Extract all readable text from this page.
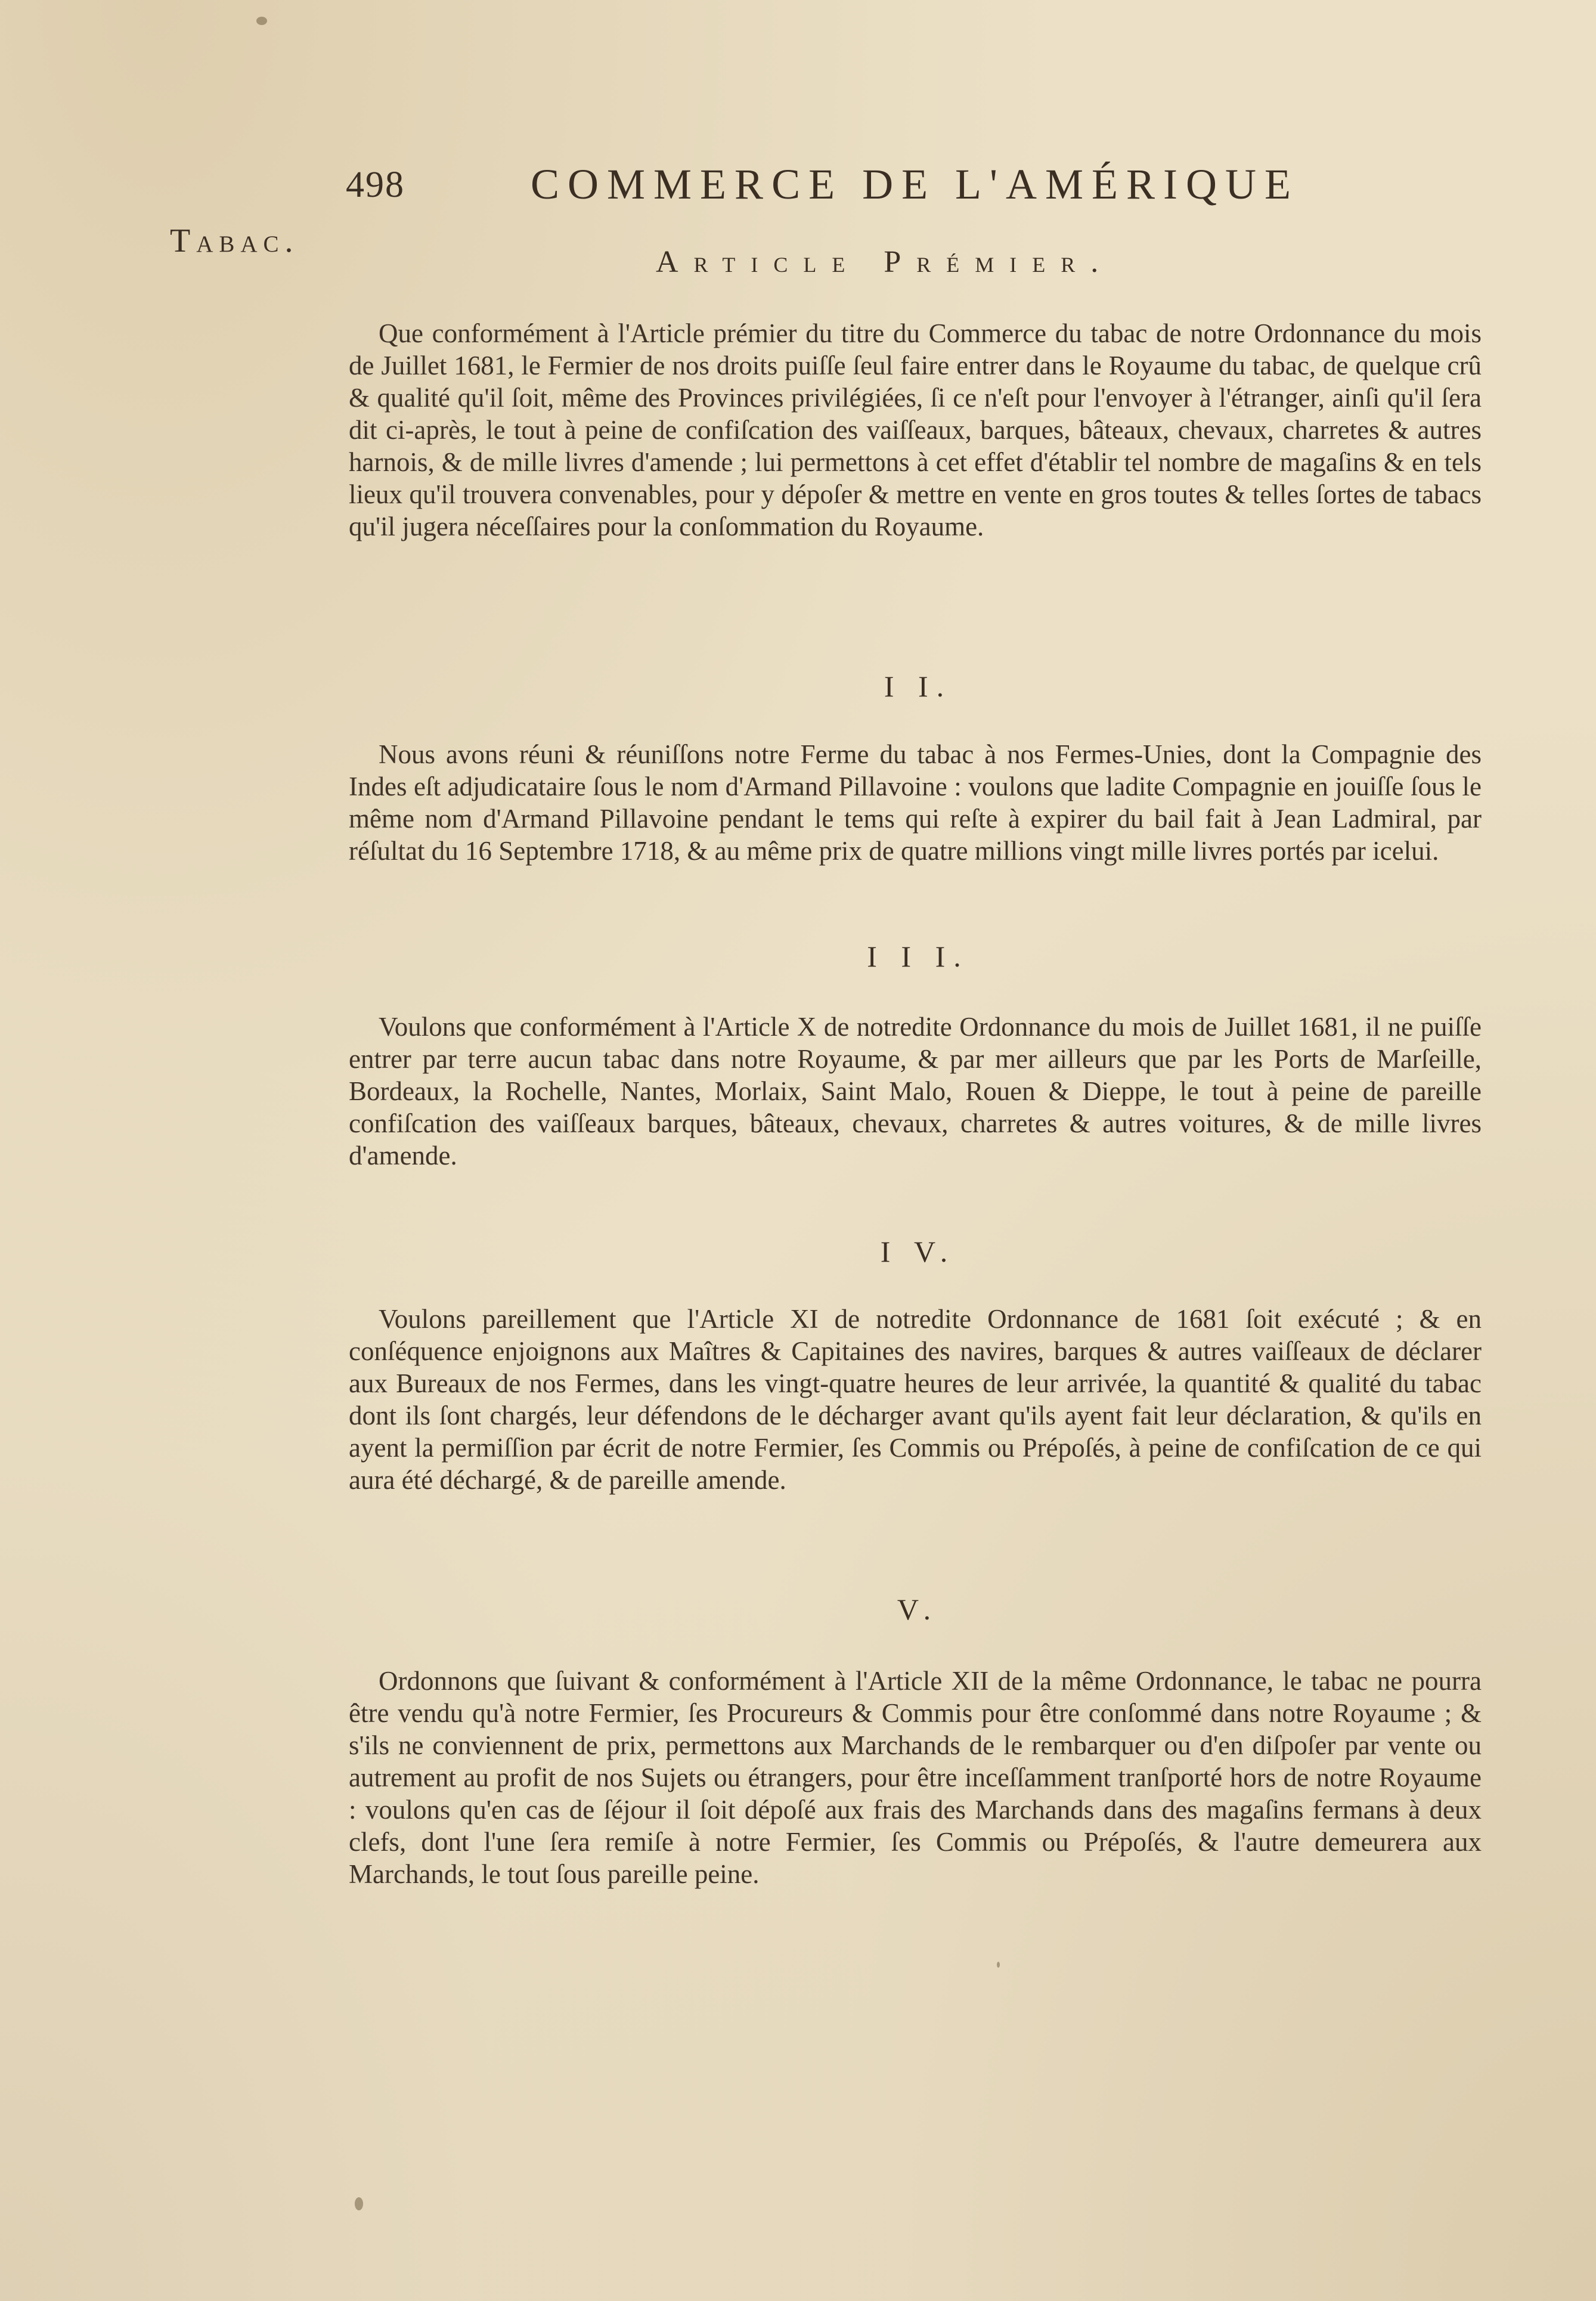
498	COMMERCE DE L'AMÉRIQUE
Tabac.
Article Prémier.
Que conformément à l'Article prémier du titre du Commerce du tabac de notre Ordonnance du mois de Juillet 1681, le Fermier de nos droits puiſſe ſeul faire entrer dans le Royaume du tabac, de quelque crû & qualité qu'il ſoit, même des Provinces privilégiées, ſi ce n'eſt pour l'envoyer à l'étranger, ainſi qu'il ſera dit ci-après, le tout à peine de confiſcation des vaiſſeaux, barques, bâteaux, chevaux, charretes & autres harnois, & de mille livres d'amende ; lui permettons à cet effet d'établir tel nombre de magaſins & en tels lieux qu'il trouvera convenables, pour y dépoſer & mettre en vente en gros toutes & telles ſortes de tabacs qu'il jugera néceſſaires pour la conſommation du Royaume.
I I.
Nous avons réuni & réuniſſons notre Ferme du tabac à nos Fermes-Unies, dont la Compagnie des Indes eſt adjudicataire ſous le nom d'Armand Pillavoine : voulons que ladite Compagnie en jouiſſe ſous le même nom d'Armand Pillavoine pendant le tems qui reſte à expirer du bail fait à Jean Ladmiral, par réſultat du 16 Septembre 1718, & au même prix de quatre millions vingt mille livres portés par icelui.
I I I.
Voulons que conformément à l'Article X de notredite Ordonnance du mois de Juillet 1681, il ne puiſſe entrer par terre aucun tabac dans notre Royaume, & par mer ailleurs que par les Ports de Marſeille, Bordeaux, la Rochelle, Nantes, Morlaix, Saint Malo, Rouen & Dieppe, le tout à peine de pareille confiſcation des vaiſſeaux barques, bâteaux, chevaux, charretes & autres voitures, & de mille livres d'amende.
I V.
Voulons pareillement que l'Article XI de notredite Ordonnance de 1681 ſoit exécuté ; & en conſéquence enjoignons aux Maîtres & Capitaines des navires, barques & autres vaiſſeaux de déclarer aux Bureaux de nos Fermes, dans les vingt-quatre heures de leur arrivée, la quantité & qualité du tabac dont ils ſont chargés, leur défendons de le décharger avant qu'ils ayent fait leur déclaration, & qu'ils en ayent la permiſſion par écrit de notre Fermier, ſes Commis ou Prépoſés, à peine de confiſcation de ce qui aura été déchargé, & de pareille amende.
V.
Ordonnons que ſuivant & conformément à l'Article XII de la même Ordonnance, le tabac ne pourra être vendu qu'à notre Fermier, ſes Procureurs & Commis pour être conſommé dans notre Royaume ; & s'ils ne conviennent de prix, permettons aux Marchands de le rembarquer ou d'en diſpoſer par vente ou autrement au profit de nos Sujets ou étrangers, pour être inceſſamment tranſporté hors de notre Royaume : voulons qu'en cas de ſéjour il ſoit dépoſé aux frais des Marchands dans des magaſins fermans à deux clefs, dont l'une ſera remiſe à notre Fermier, ſes Commis ou Prépoſés, & l'autre demeurera aux Marchands, le tout ſous pareille peine.
